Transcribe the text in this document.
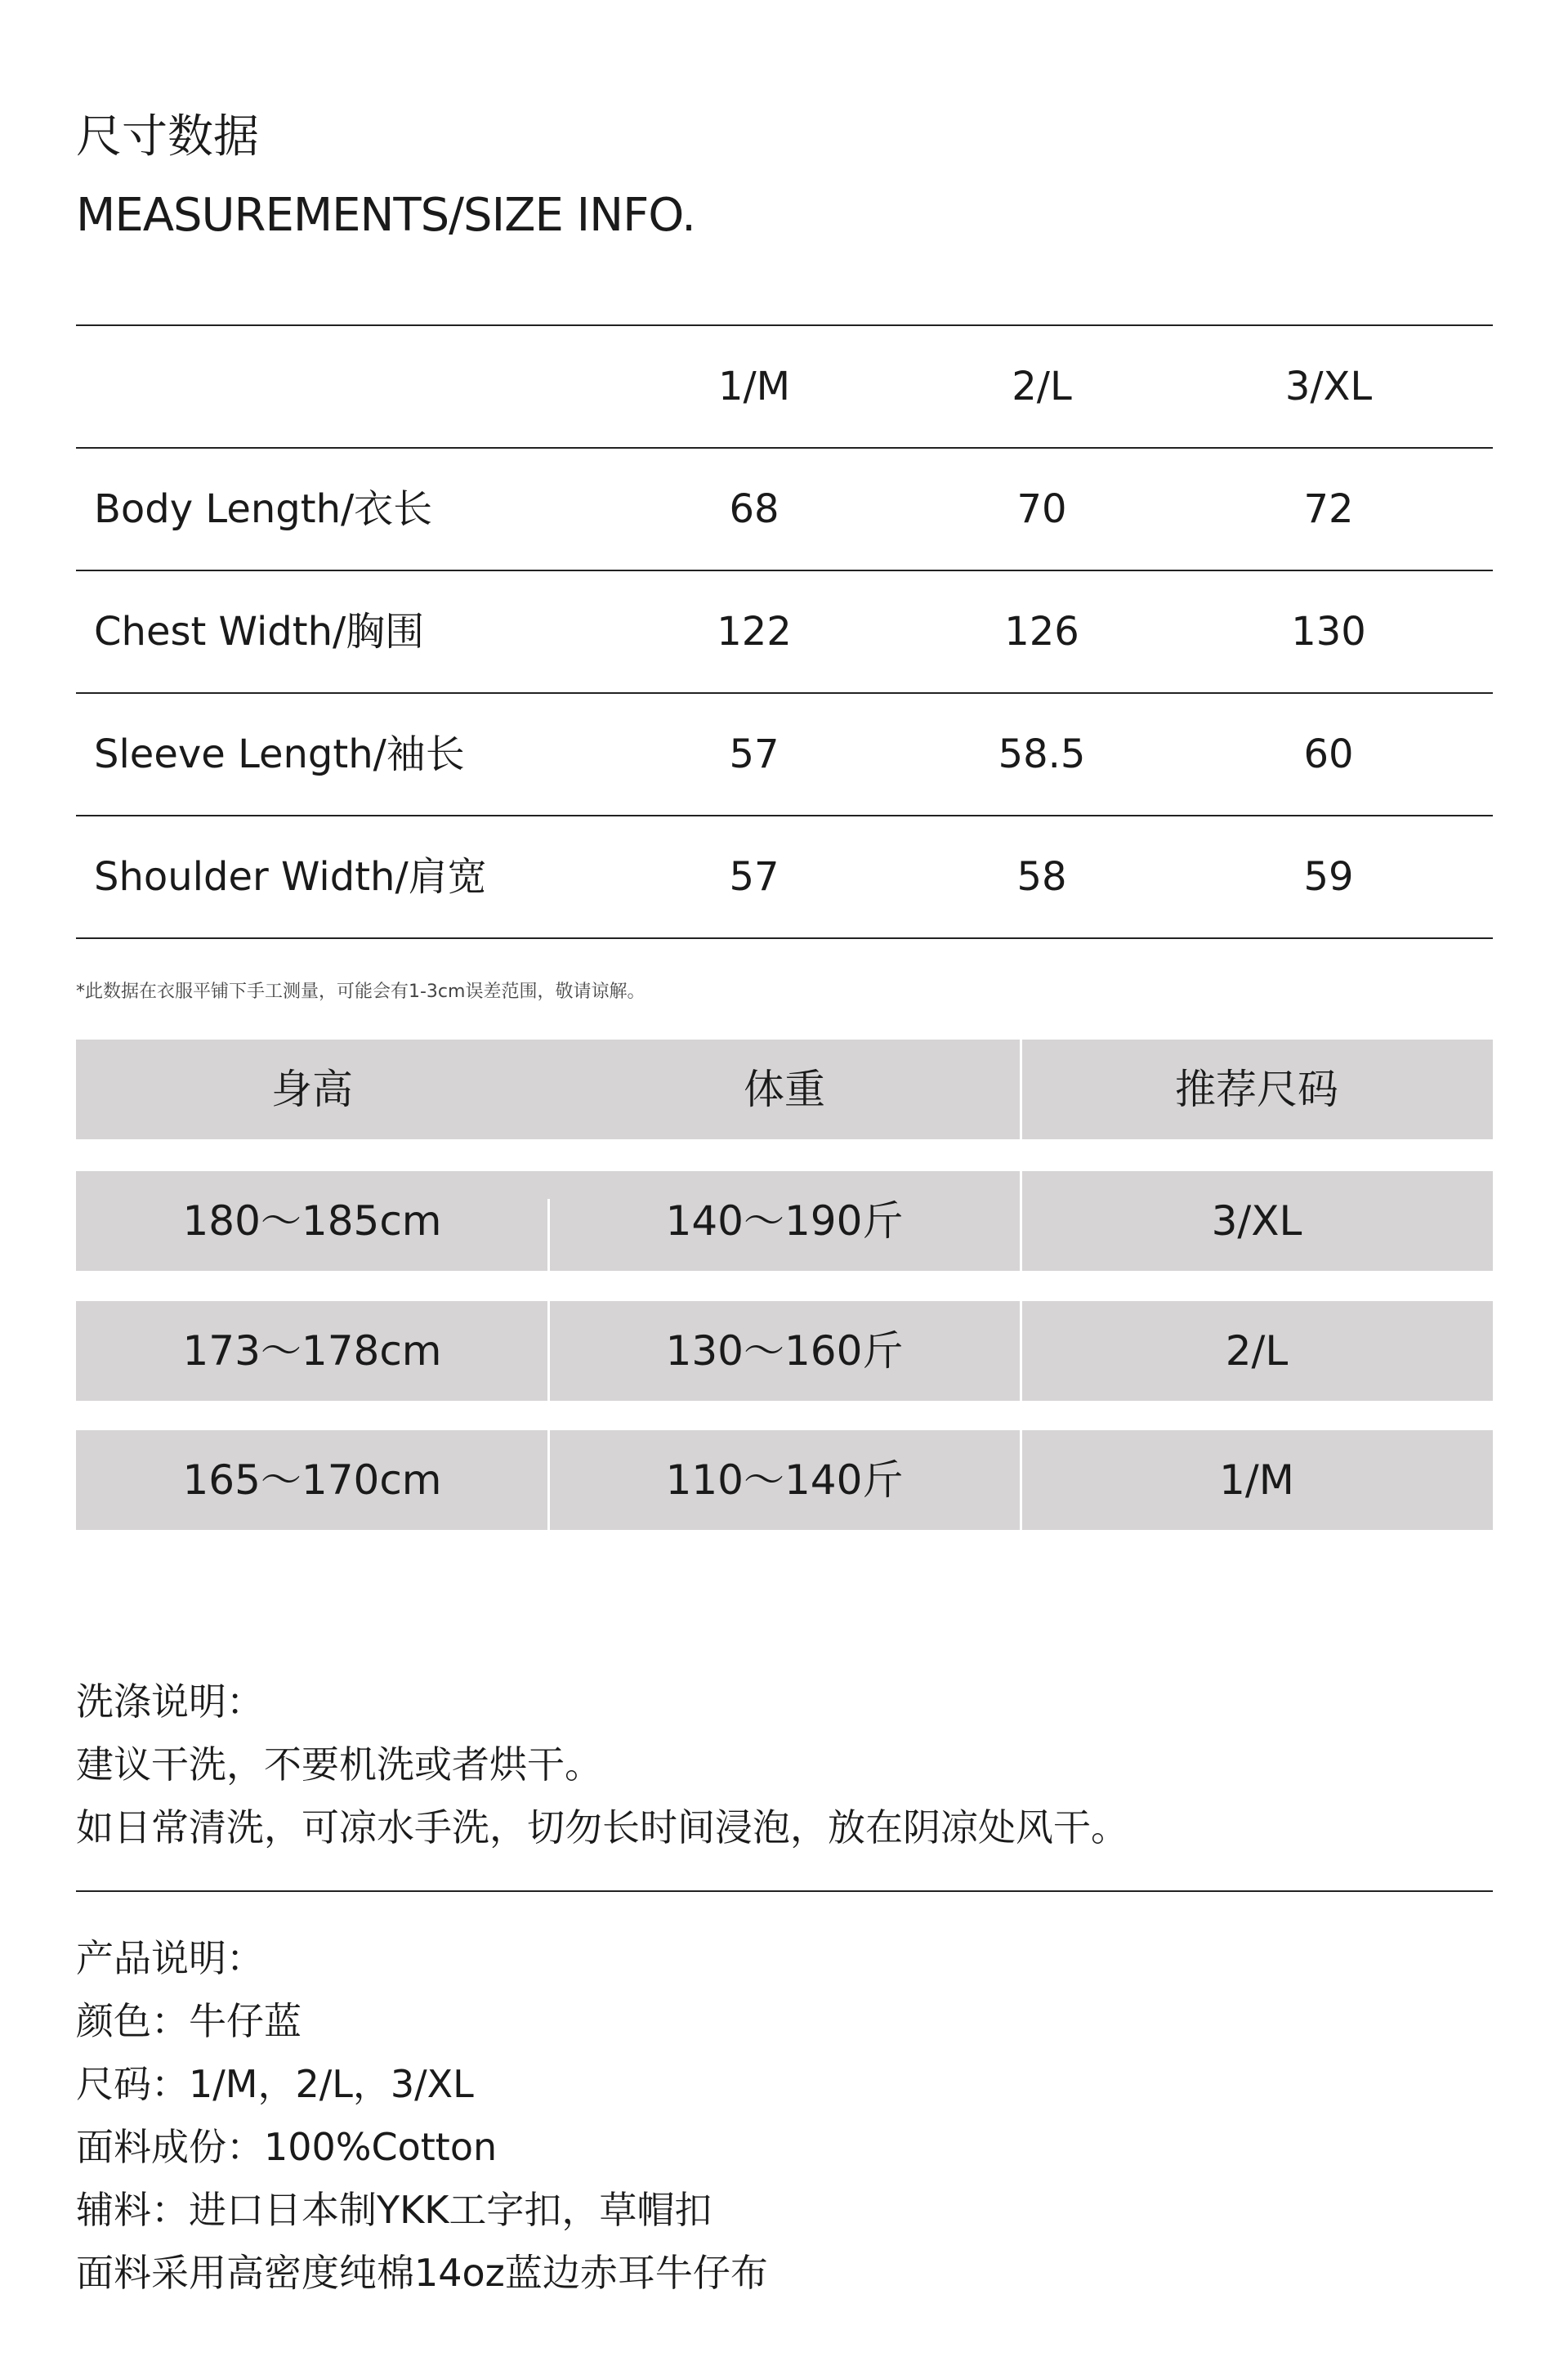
尺寸数据
MEASUREMENTS/SIZE INFO.
1/M	2/L	3/XL
Body Length/衣长	68	70	72
Chest Width/胸围	122	126	130
Sleeve Length/袖长	57	58.5	60
Shoulder Width/肩宽	57	58	59
*此数据在衣服平铺下手工测量，可能会有1-3cm误差范围，敬请谅解。
身高	体重	推荐尺码
180～185cm	140～190斤	3/XL
173～178cm	130～160斤	2/L
165～170cm	110～140斤	1/M
洗涤说明：
建议干洗，不要机洗或者烘干。
如日常清洗，可凉水手洗，切勿长时间浸泡，放在阴凉处风干。
产品说明：
颜色：牛仔蓝
尺码：1/M，2/L，3/XL
面料成份：100%Cotton
辅料：进口日本制YKK工字扣，草帽扣
面料采用高密度纯棉14oz蓝边赤耳牛仔布
